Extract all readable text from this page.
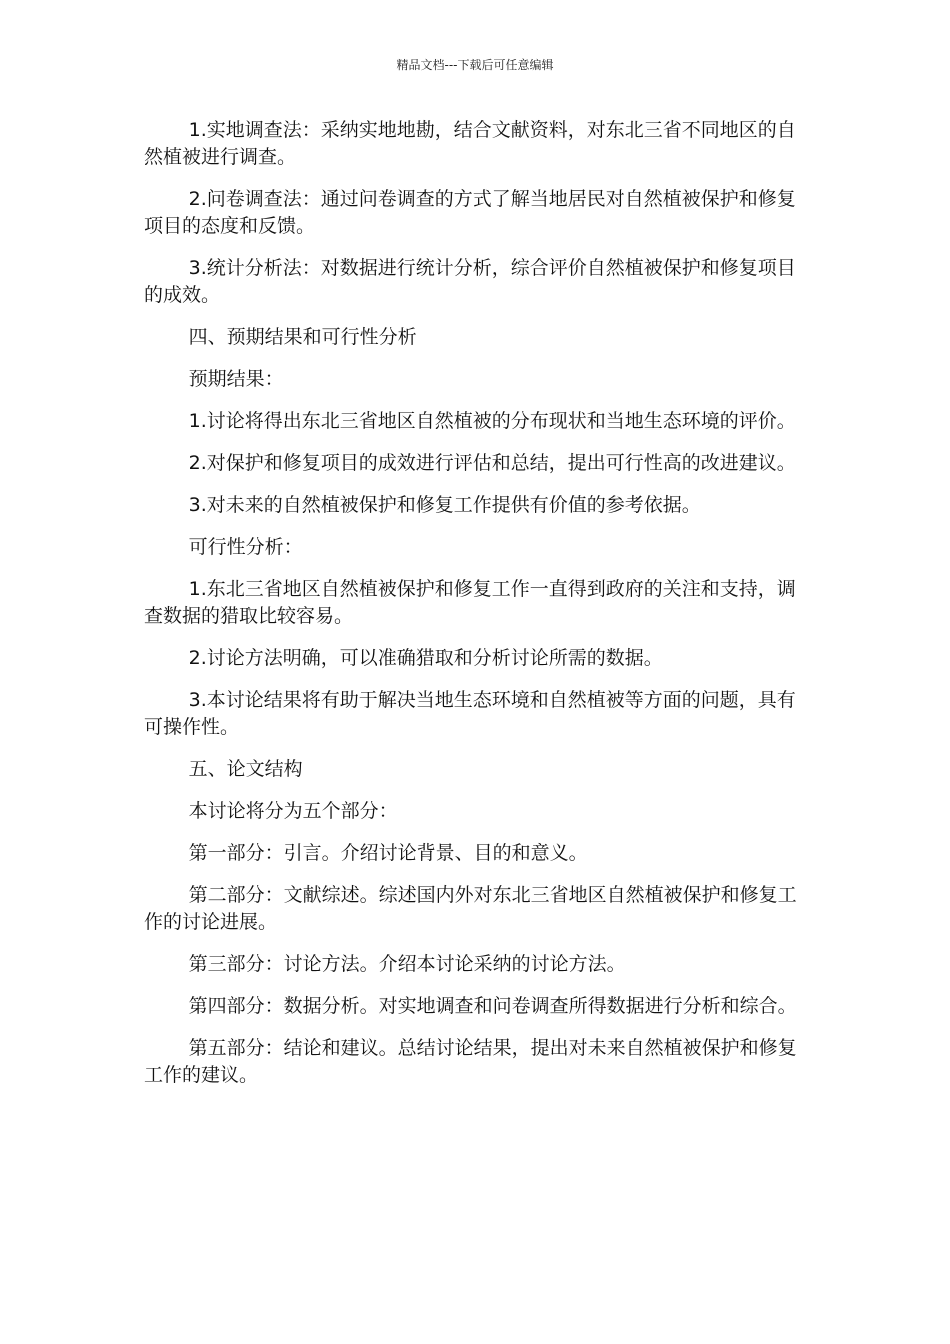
精品文档---下载后可任意编辑

1.实地调查法：采纳实地地勘，结合文献资料，对东北三省不同地区的自然植被进行调查。

2.问卷调查法：通过问卷调查的方式了解当地居民对自然植被保护和修复项目的态度和反馈。

3.统计分析法：对数据进行统计分析，综合评价自然植被保护和修复项目的成效。

四、预期结果和可行性分析

预期结果：

1.讨论将得出东北三省地区自然植被的分布现状和当地生态环境的评价。

2.对保护和修复项目的成效进行评估和总结，提出可行性高的改进建议。

3.对未来的自然植被保护和修复工作提供有价值的参考依据。

可行性分析：

1.东北三省地区自然植被保护和修复工作一直得到政府的关注和支持，调查数据的猎取比较容易。

2.讨论方法明确，可以准确猎取和分析讨论所需的数据。

3.本讨论结果将有助于解决当地生态环境和自然植被等方面的问题，具有可操作性。

五、论文结构

本讨论将分为五个部分：

第一部分：引言。介绍讨论背景、目的和意义。

第二部分：文献综述。综述国内外对东北三省地区自然植被保护和修复工作的讨论进展。

第三部分：讨论方法。介绍本讨论采纳的讨论方法。

第四部分：数据分析。对实地调查和问卷调查所得数据进行分析和综合。

第五部分：结论和建议。总结讨论结果，提出对未来自然植被保护和修复工作的建议。
